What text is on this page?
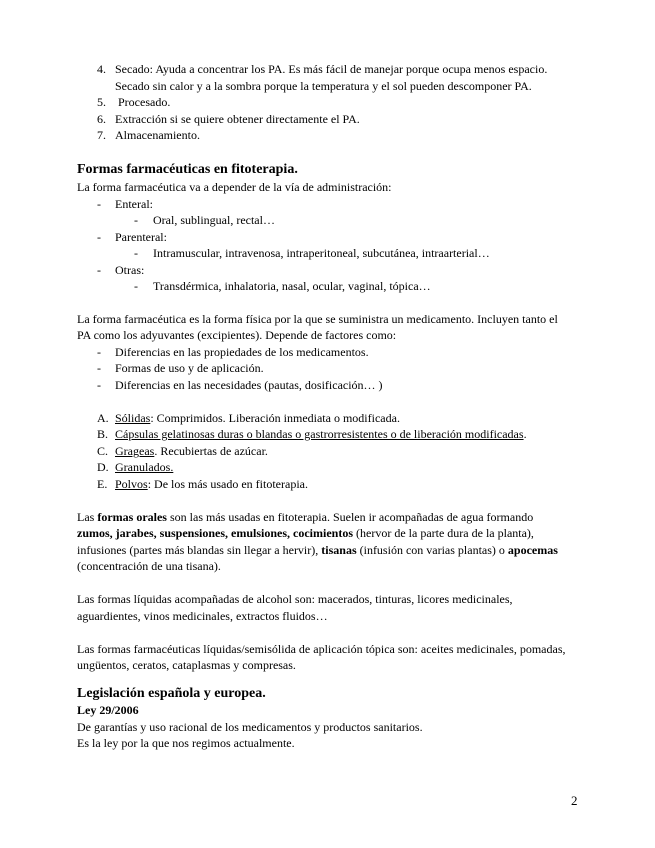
4. Secado: Ayuda a concentrar los PA. Es más fácil de manejar porque ocupa menos espacio.
Secado sin calor y a la sombra porque la temperatura y el sol pueden descomponer PA.
5. Procesado.
6. Extracción si se quiere obtener directamente el PA.
7. Almacenamiento.
Formas farmacéuticas en fitoterapia.
La forma farmacéutica va a depender de la vía de administración:
- Enteral:
- Oral, sublingual, rectal…
- Parenteral:
- Intramuscular, intravenosa, intraperitoneal, subcutánea, intraarterial…
- Otras:
- Transdérmica, inhalatoria, nasal, ocular, vaginal, tópica…
La forma farmacéutica es la forma física por la que se suministra un medicamento. Incluyen tanto el
PA como los adyuvantes (excipientes). Depende de factores como:
- Diferencias en las propiedades de los medicamentos.
- Formas de uso y de aplicación.
- Diferencias en las necesidades (pautas, dosificación… )
A. Sólidas: Comprimidos. Liberación inmediata o modificada.
B. Cápsulas gelatinosas duras o blandas o gastrorresistentes o de liberación modificadas.
C. Grageas. Recubiertas de azúcar.
D. Granulados.
E. Polvos: De los más usado en fitoterapia.
Las formas orales son las más usadas en fitoterapia. Suelen ir acompañadas de agua formando
zumos, jarabes, suspensiones, emulsiones, cocimientos (hervor de la parte dura de la planta),
infusiones (partes más blandas sin llegar a hervir), tisanas (infusión con varias plantas) o apocemas
(concentración de una tisana).
Las formas líquidas acompañadas de alcohol son: macerados, tinturas, licores medicinales,
aguardientes, vinos medicinales, extractos fluidos…
Las formas farmacéuticas líquidas/semisólida de aplicación tópica son: aceites medicinales, pomadas,
ungüentos, ceratos, cataplasmas y compresas.
Legislación española y europea.
Ley 29/2006
De garantías y uso racional de los medicamentos y productos sanitarios.
Es la ley por la que nos regimos actualmente.
2
